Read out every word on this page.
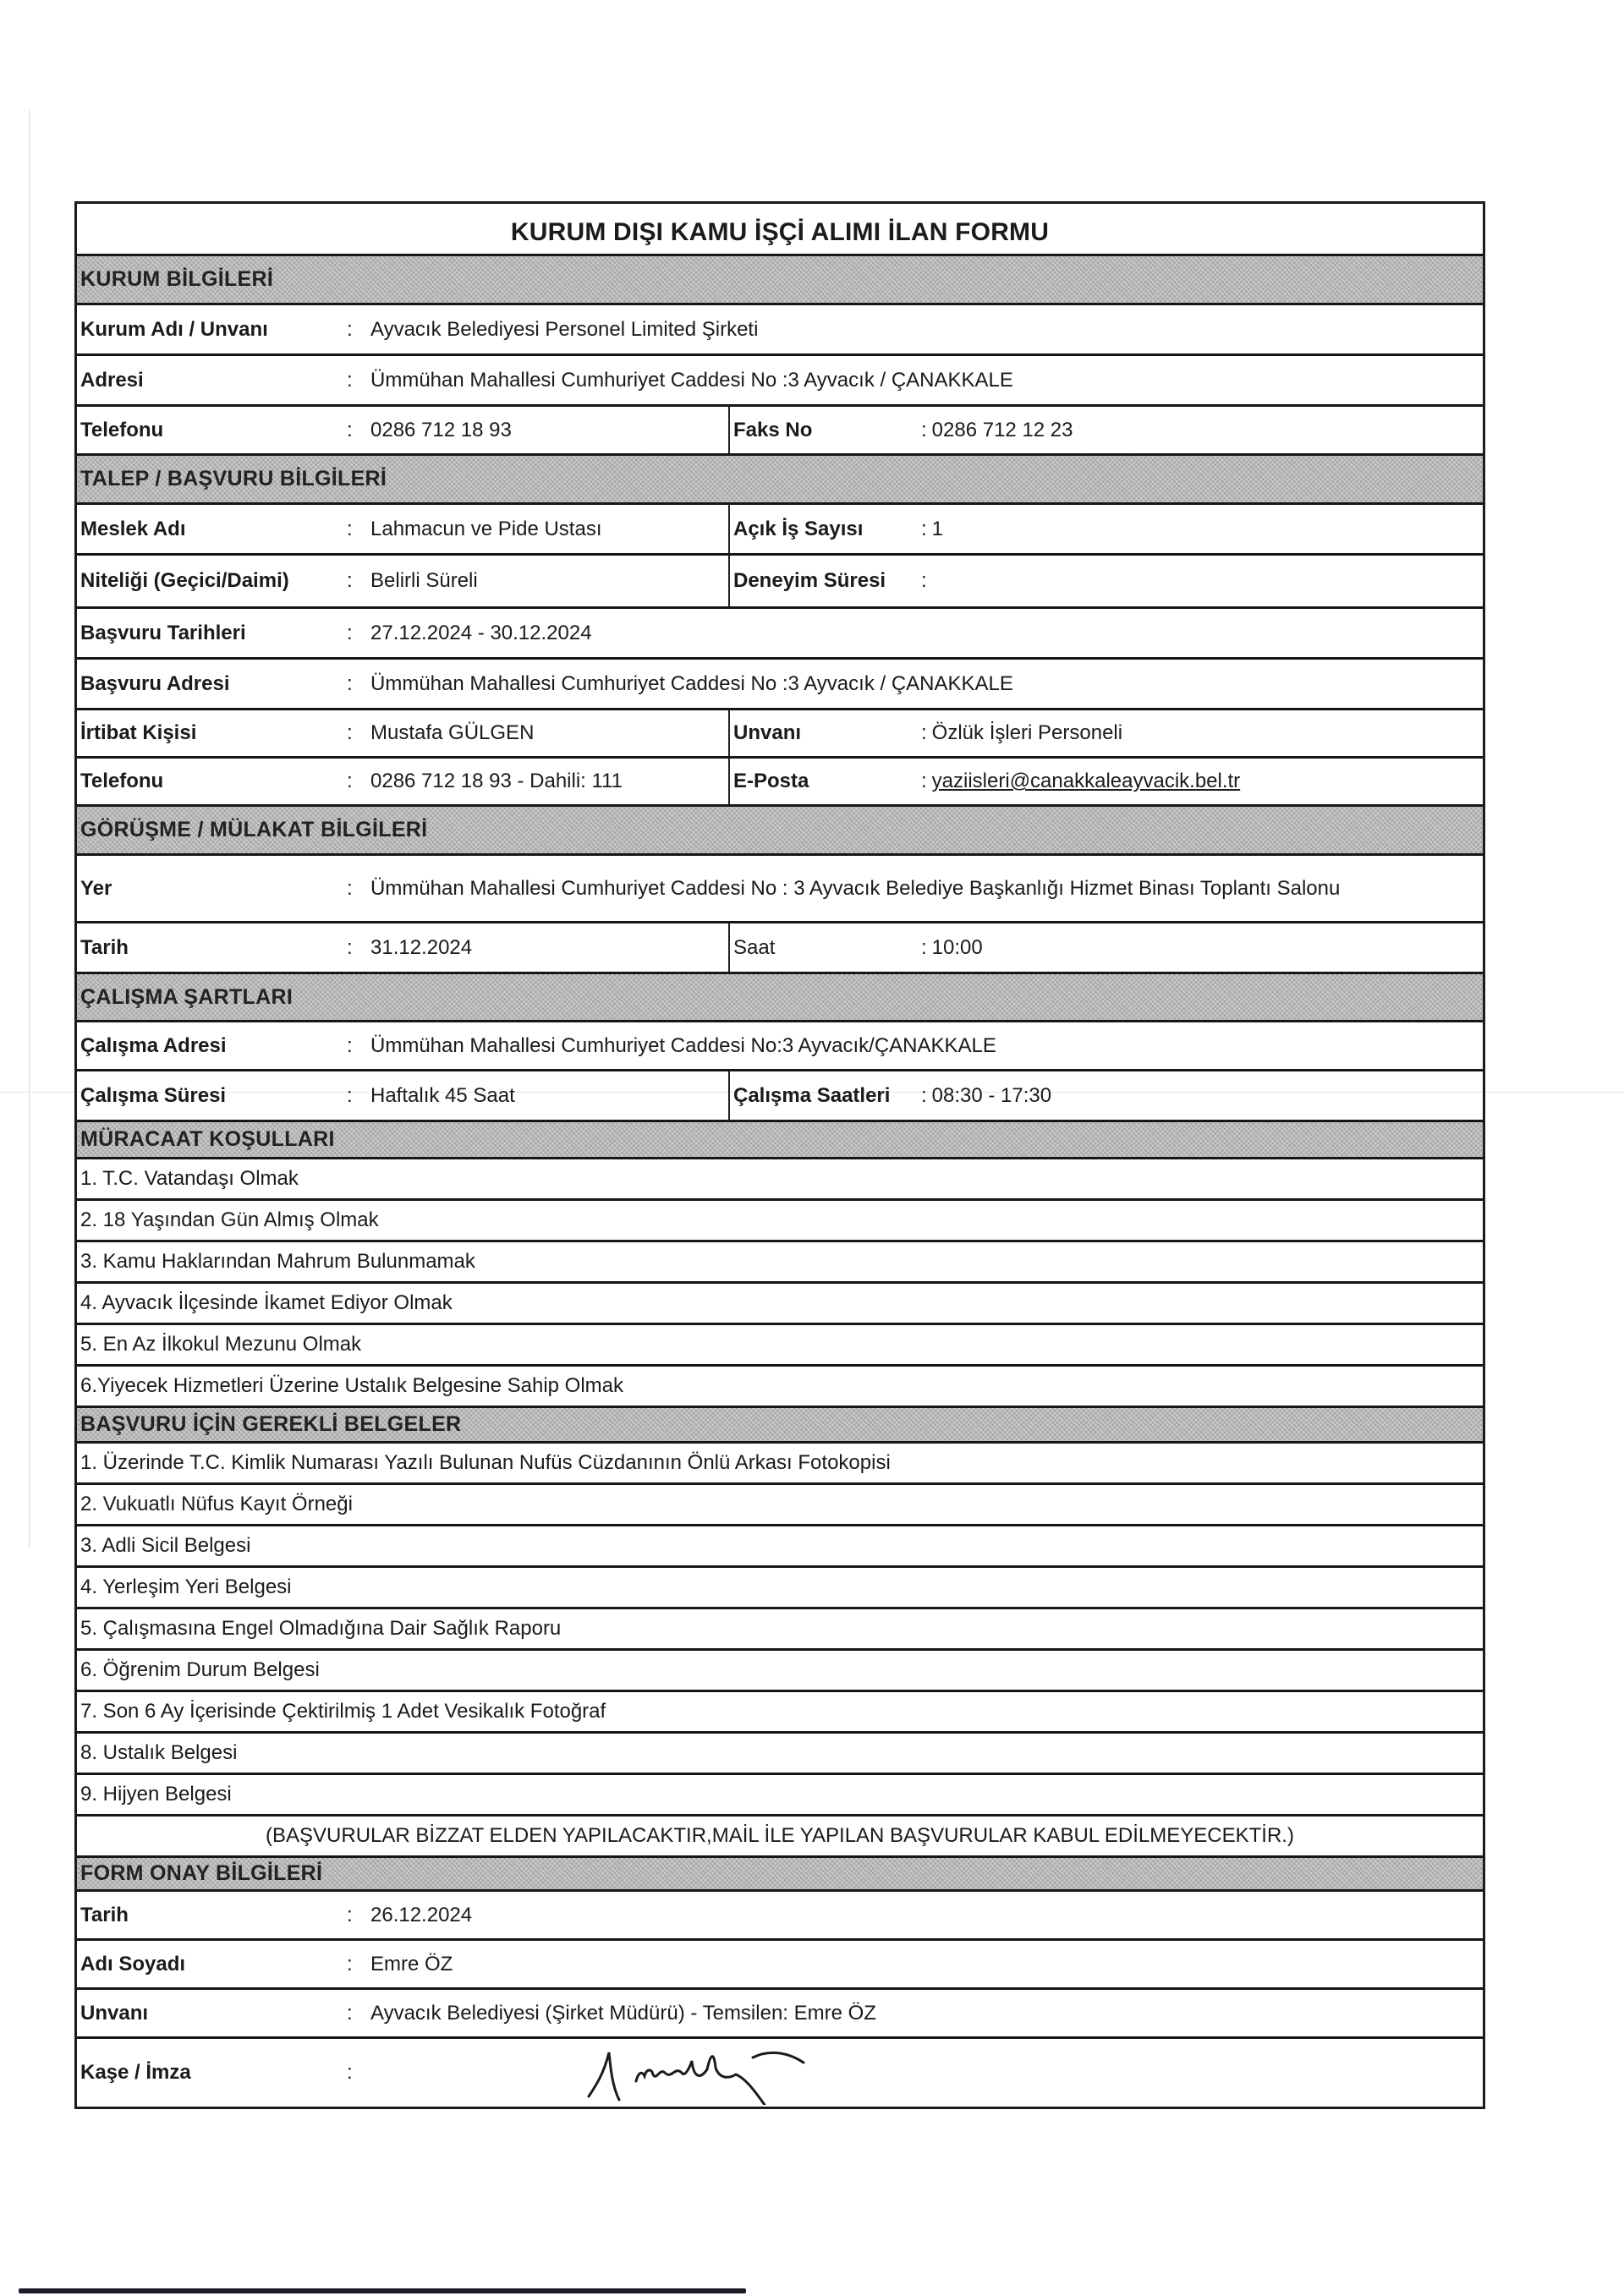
KURUM DIŞI KAMU İŞÇİ ALIMI İLAN FORMU
KURUM BİLGİLERİ
Kurum Adı / Unvanı	: Ayvacık Belediyesi Personel Limited Şirketi
Adresi	: Ümmühan Mahallesi Cumhuriyet Caddesi No :3 Ayvacık / ÇANAKKALE
Telefonu	: 0286 712 18 93	Faks No	: 0286 712 12 23
TALEP / BAŞVURU BİLGİLERİ
Meslek Adı	: Lahmacun ve Pide Ustası	Açık İş Sayısı	: 1
Niteliği (Geçici/Daimi)	: Belirli Süreli	Deneyim Süresi	:
Başvuru Tarihleri	: 27.12.2024 - 30.12.2024
Başvuru Adresi	: Ümmühan Mahallesi Cumhuriyet Caddesi No :3 Ayvacık / ÇANAKKALE
İrtibat Kişisi	: Mustafa GÜLGEN	Unvanı	: Özlük İşleri Personeli
Telefonu	: 0286 712 18 93 - Dahili: 111	E-Posta	: yaziisleri@canakkaleayvacik.bel.tr
GÖRÜŞME / MÜLAKAT BİLGİLERİ
Yer	: Ümmühan Mahallesi Cumhuriyet Caddesi No : 3 Ayvacık Belediye Başkanlığı Hizmet Binası Toplantı Salonu
Tarih	: 31.12.2024	Saat	: 10:00
ÇALIŞMA ŞARTLARI
Çalışma Adresi	: Ümmühan Mahallesi Cumhuriyet Caddesi No:3 Ayvacık/ÇANAKKALE
Çalışma Süresi	: Haftalık 45 Saat	Çalışma Saatleri	: 08:30 - 17:30
MÜRACAAT KOŞULLARI
1. T.C. Vatandaşı Olmak
2. 18 Yaşından Gün Almış Olmak
3. Kamu Haklarından Mahrum Bulunmamak
4. Ayvacık İlçesinde İkamet Ediyor Olmak
5. En Az İlkokul Mezunu Olmak
6.Yiyecek Hizmetleri Üzerine Ustalık Belgesine Sahip Olmak
BAŞVURU İÇİN GEREKLİ BELGELER
1. Üzerinde T.C. Kimlik Numarası Yazılı Bulunan Nufüs Cüzdanının Önlü Arkası Fotokopisi
2. Vukuatlı Nüfus Kayıt Örneği
3. Adli Sicil Belgesi
4. Yerleşim Yeri Belgesi
5. Çalışmasına Engel Olmadığına Dair Sağlık Raporu
6. Öğrenim Durum Belgesi
7. Son 6 Ay İçerisinde Çektirilmiş 1 Adet Vesikalık Fotoğraf
8. Ustalık Belgesi
9. Hijyen Belgesi
(BAŞVURULAR BİZZAT ELDEN YAPILACAKTIR,MAİL İLE YAPILAN BAŞVURULAR KABUL EDİLMEYECEKTİR.)
FORM ONAY BİLGİLERİ
Tarih	: 26.12.2024
Adı Soyadı	: Emre ÖZ
Unvanı	: Ayvacık Belediyesi (Şirket Müdürü) - Temsilen: Emre ÖZ
Kaşe / İmza	:
